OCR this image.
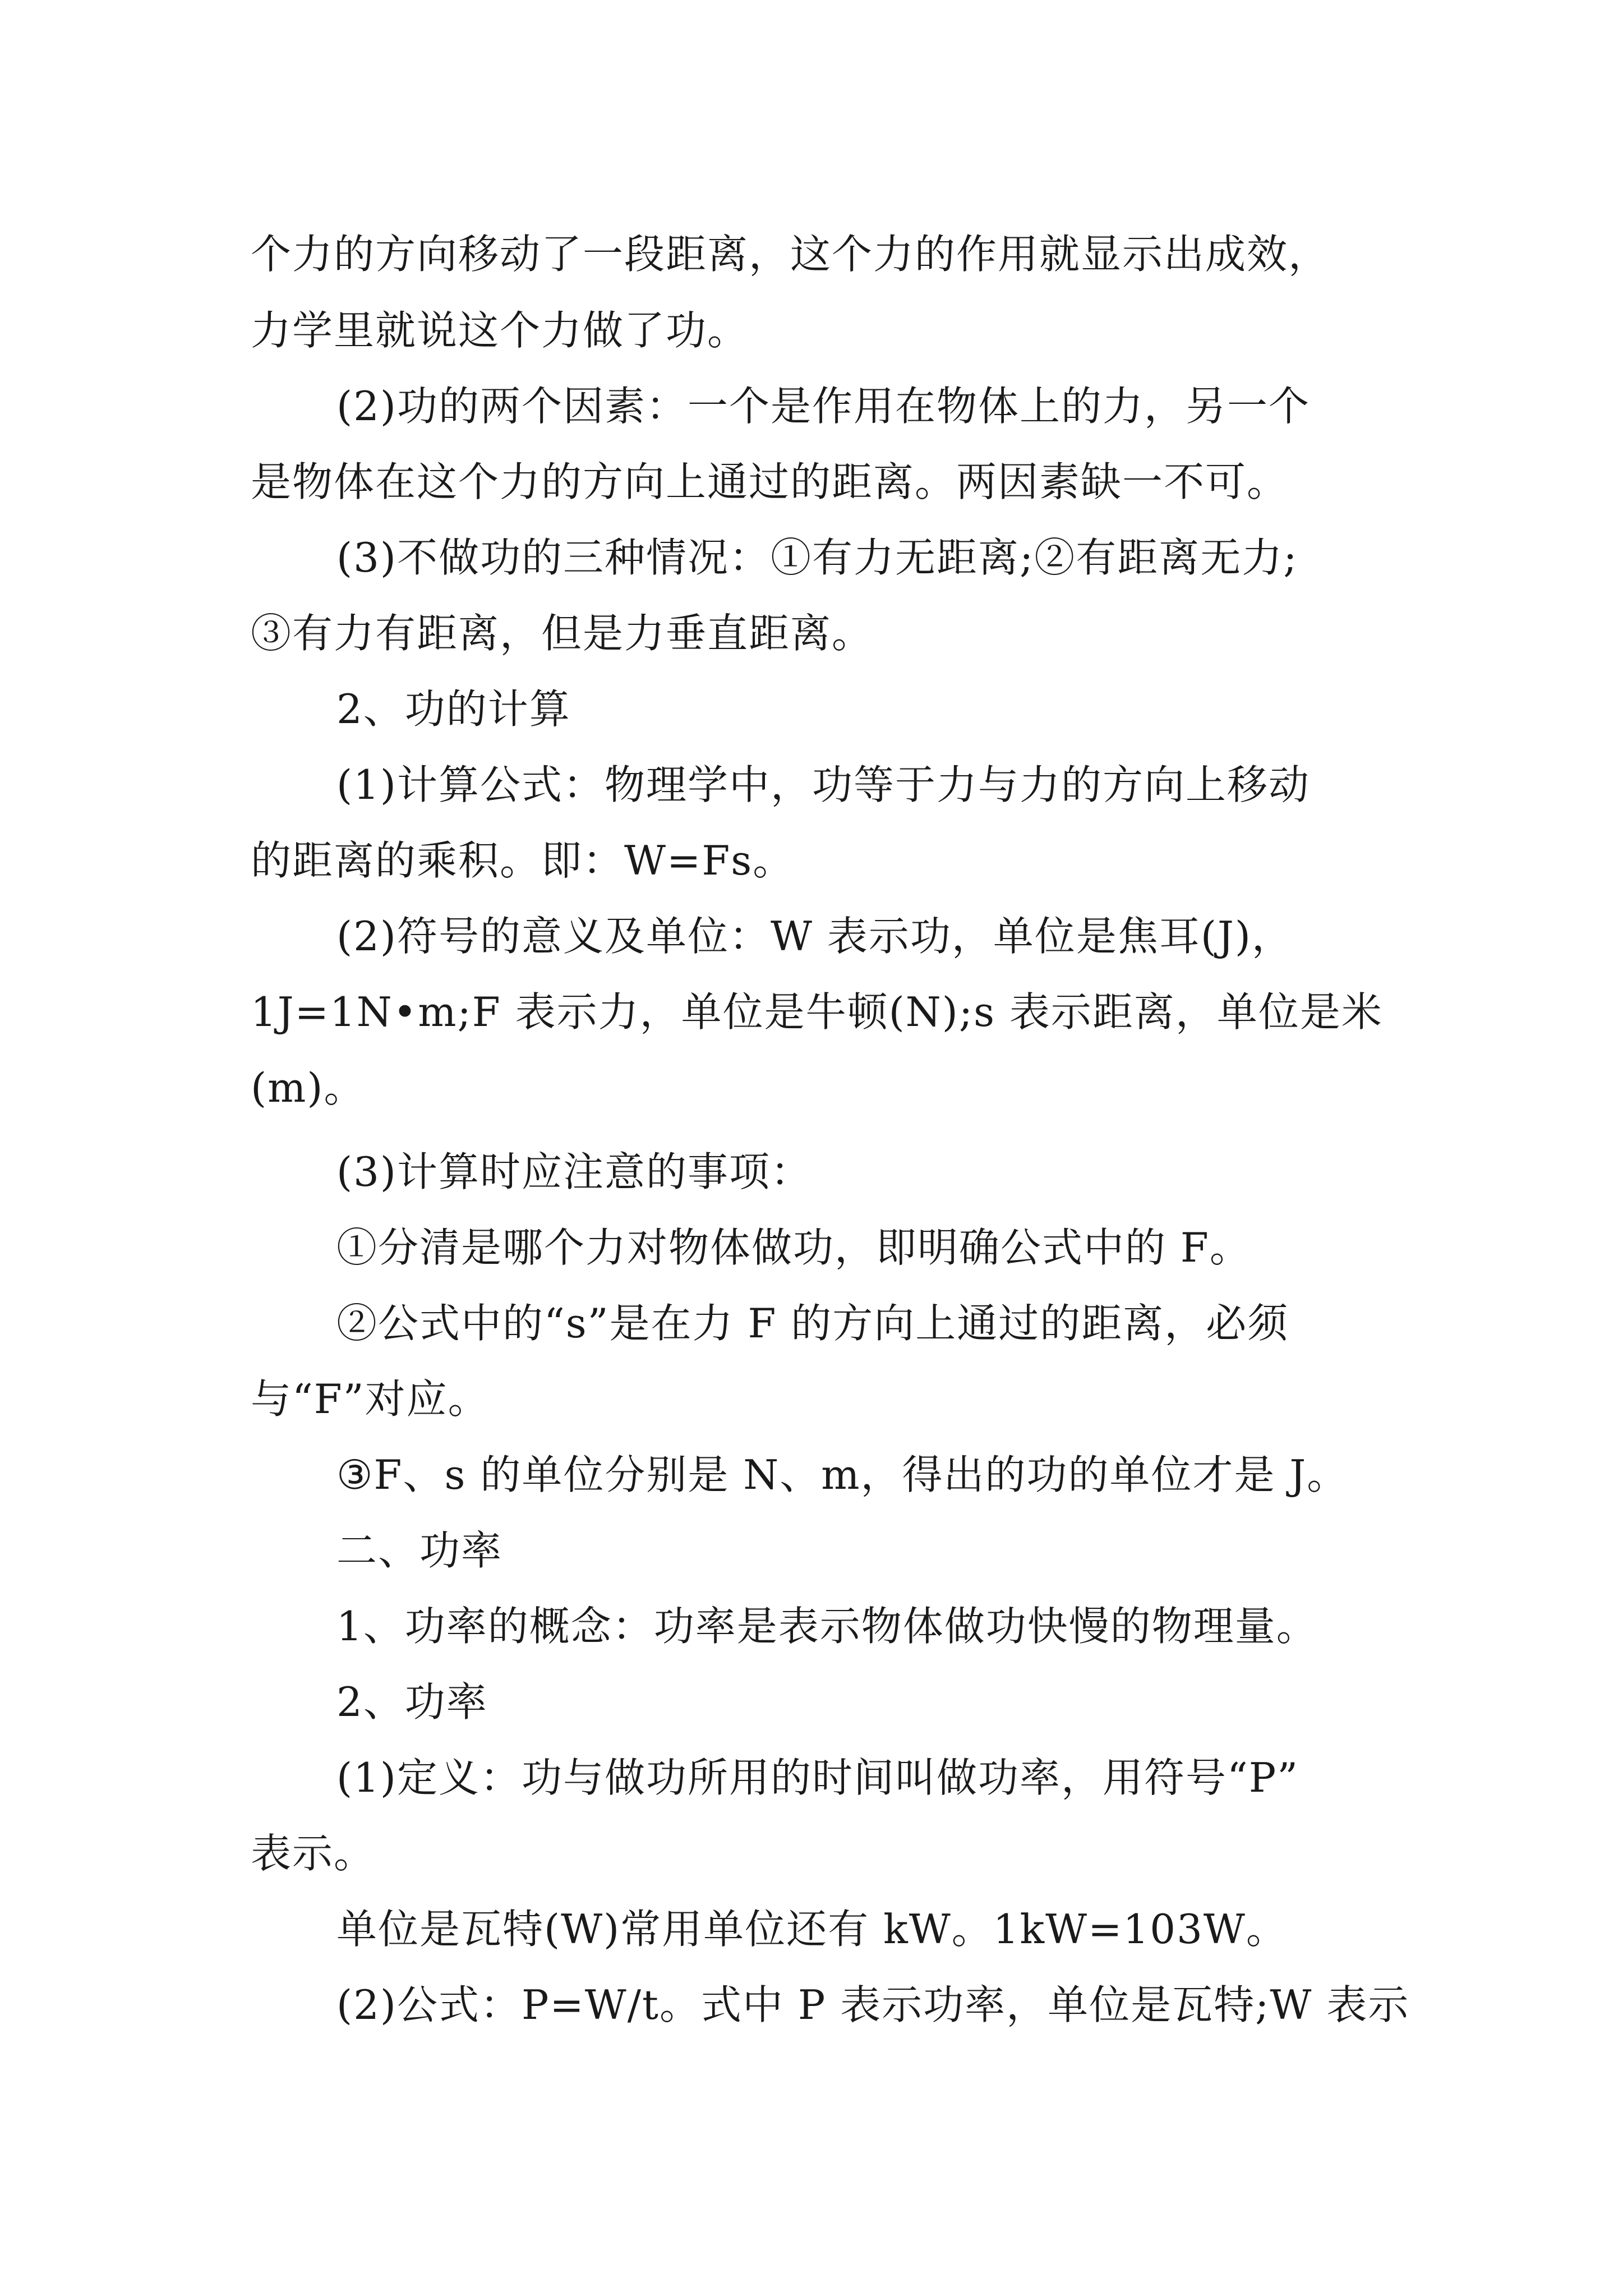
个力的方向移动了一段距离，这个力的作用就显示出成效，
力学里就说这个力做了功。
(2)功的两个因素：一个是作用在物体上的力，另一个
是物体在这个力的方向上通过的距离。两因素缺一不可。
(3)不做功的三种情况：①有力无距离;②有距离无力;
③有力有距离，但是力垂直距离。
2、功的计算
(1)计算公式：物理学中，功等于力与力的方向上移动
的距离的乘积。即：W=Fs。
(2)符号的意义及单位：W 表示功，单位是焦耳(J)，
1J=1N•m;F 表示力，单位是牛顿(N);s 表示距离，单位是米
(m)。
(3)计算时应注意的事项：
①分清是哪个力对物体做功，即明确公式中的 F。
②公式中的“s”是在力 F 的方向上通过的距离，必须
与“F”对应。
③F、s 的单位分别是 N、m，得出的功的单位才是 J。
二、功率
1、功率的概念：功率是表示物体做功快慢的物理量。
2、功率
(1)定义：功与做功所用的时间叫做功率，用符号“P”
表示。
单位是瓦特(W)常用单位还有 kW。1kW=103W。
(2)公式：P=W/t。式中 P 表示功率，单位是瓦特;W 表示
